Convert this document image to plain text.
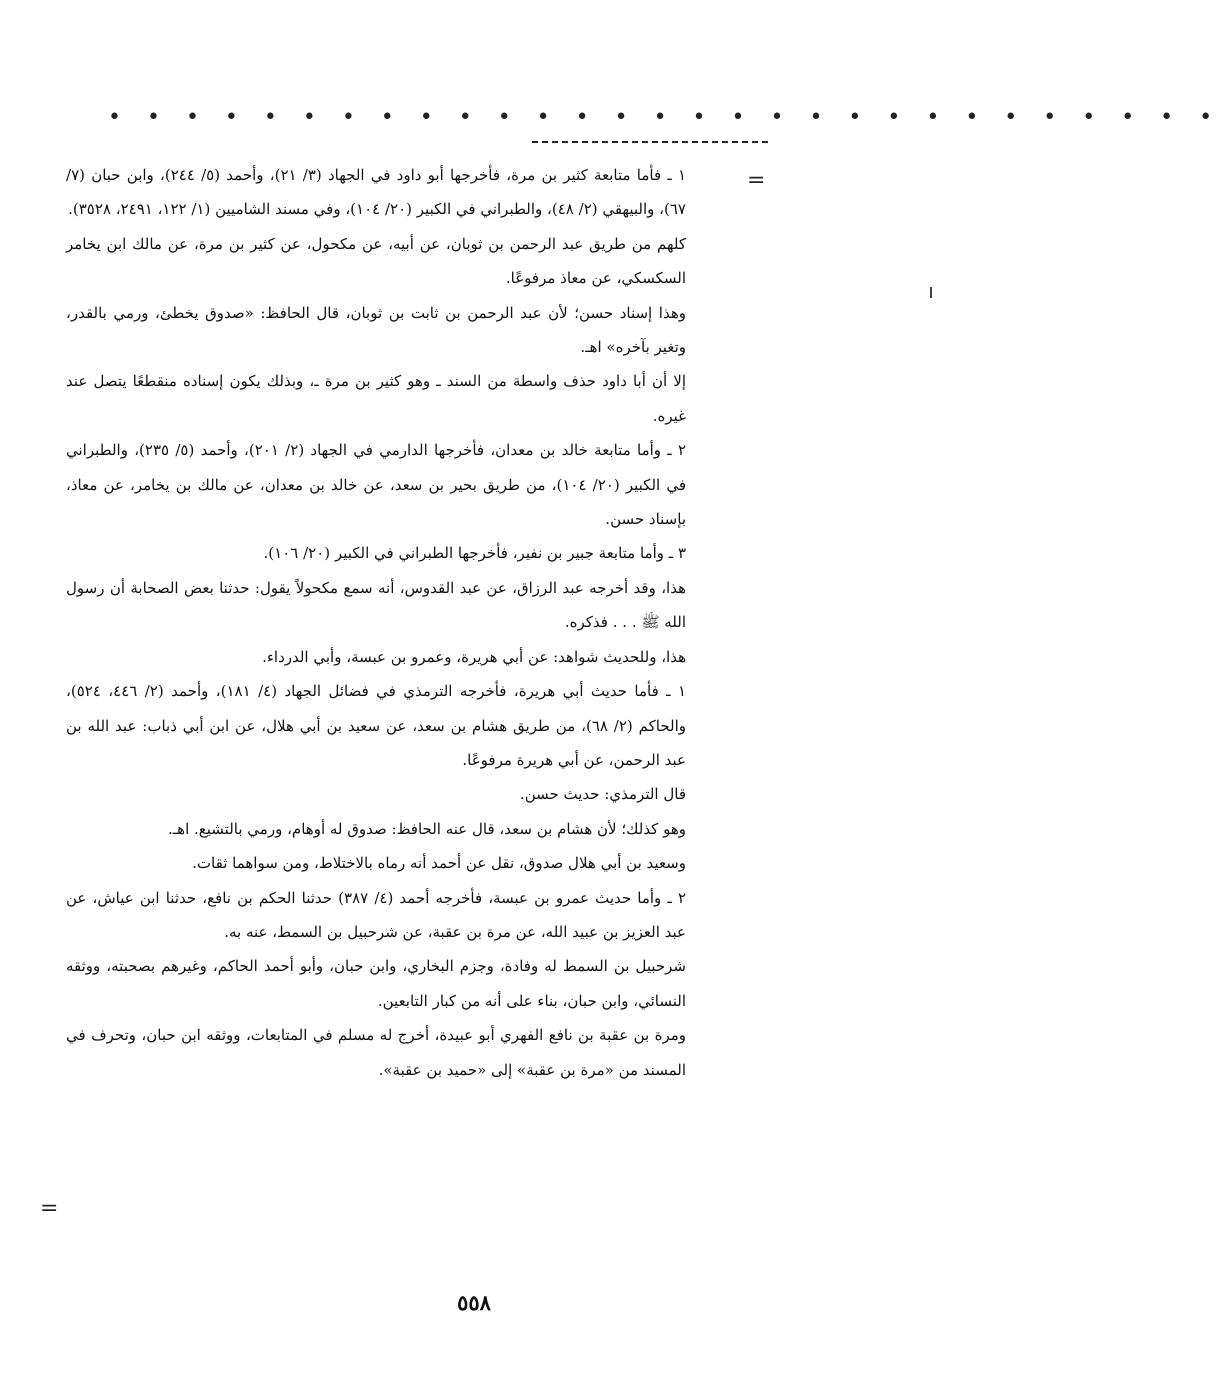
• • • • • • • • • • • • • • • • • • • • • • • • • • • • •
=

١ ـ فأما متابعة كثير بن مرة، فأخرجها أبو داود في الجهاد (٣/ ٢١)، وأحمد (٥/ ٢٤٤)، وابن حبان (٧/ ٦٧)، والبيهقي (٢/ ٤٨)، والطبراني في الكبير (٢٠/ ١٠٤)، وفي مسند الشاميين (١/ ١٢٢، ٢٤٩١، ٣٥٢٨).

كلهم من طريق عبد الرحمن بن ثوبان، عن أبيه، عن مكحول، عن كثير بن مرة، عن مالك ابن يخامر السكسكي، عن معاذ مرفوعًا.

وهذا إسناد حسن؛ لأن عبد الرحمن بن ثابت بن ثوبان، قال الحافظ: «صدوق يخطئ، ورمي بالقدر، وتغير بآخره» اهـ.

إلا أن أبا داود حذف واسطة من السند ـ وهو كثير بن مرة ـ، وبذلك يكون إسناده منقطعًا يتصل عند غيره.

٢ ـ وأما متابعة خالد بن معدان، فأخرجها الدارمي في الجهاد (٢/ ٢٠١)، وأحمد (٥/ ٢٣٥)، والطبراني في الكبير (٢٠/ ١٠٤)، من طريق بحير بن سعد، عن خالد بن معدان، عن مالك بن يخامر، عن معاذ، بإسناد حسن.

٣ ـ وأما متابعة جبير بن نفير، فأخرجها الطبراني في الكبير (٢٠/ ١٠٦).

هذا، وقد أخرجه عبد الرزاق، عن عبد القدوس، أنه سمع مكحولاً يقول: حدثنا بعض الصحابة أن رسول الله ﷺ . . . فذكره.

هذا، وللحديث شواهد: عن أبي هريرة، وعمرو بن عبسة، وأبي الدرداء.

١ ـ فأما حديث أبي هريرة، فأخرجه الترمذي في فضائل الجهاد (٤/ ١٨١)، وأحمد (٢/ ٤٤٦، ٥٢٤)، والحاكم (٢/ ٦٨)، من طريق هشام بن سعد، عن سعيد بن أبي هلال، عن ابن أبي ذباب: عبد الله بن عبد الرحمن، عن أبي هريرة مرفوعًا.

قال الترمذي: حديث حسن.

وهو كذلك؛ لأن هشام بن سعد، قال عنه الحافظ: صدوق له أوهام، ورمي بالتشيع. اهـ.

وسعيد بن أبي هلال صدوق، نقل عن أحمد أنه رماه بالاختلاط، ومن سواهما ثقات.

٢ ـ وأما حديث عمرو بن عبسة، فأخرجه أحمد (٤/ ٣٨٧) حدثنا الحكم بن نافع، حدثنا ابن عياش، عن عبد العزيز بن عبيد الله، عن مرة بن عقبة، عن شرحبيل بن السمط، عنه به.

شرحبيل بن السمط له وفادة، وجزم البخاري، وابن حبان، وأبو أحمد الحاكم، وغيرهم بصحبته، ووثقه النسائي، وابن حبان، بناء على أنه من كبار التابعين.

ومرة بن عقبة بن نافع الفهري أبو عبيدة، أخرج له مسلم في المتابعات، ووثقه ابن حبان، وتحرف في المسند من «مرة بن عقبة» إلى «حميد بن عقبة».

=
٥٥٨
